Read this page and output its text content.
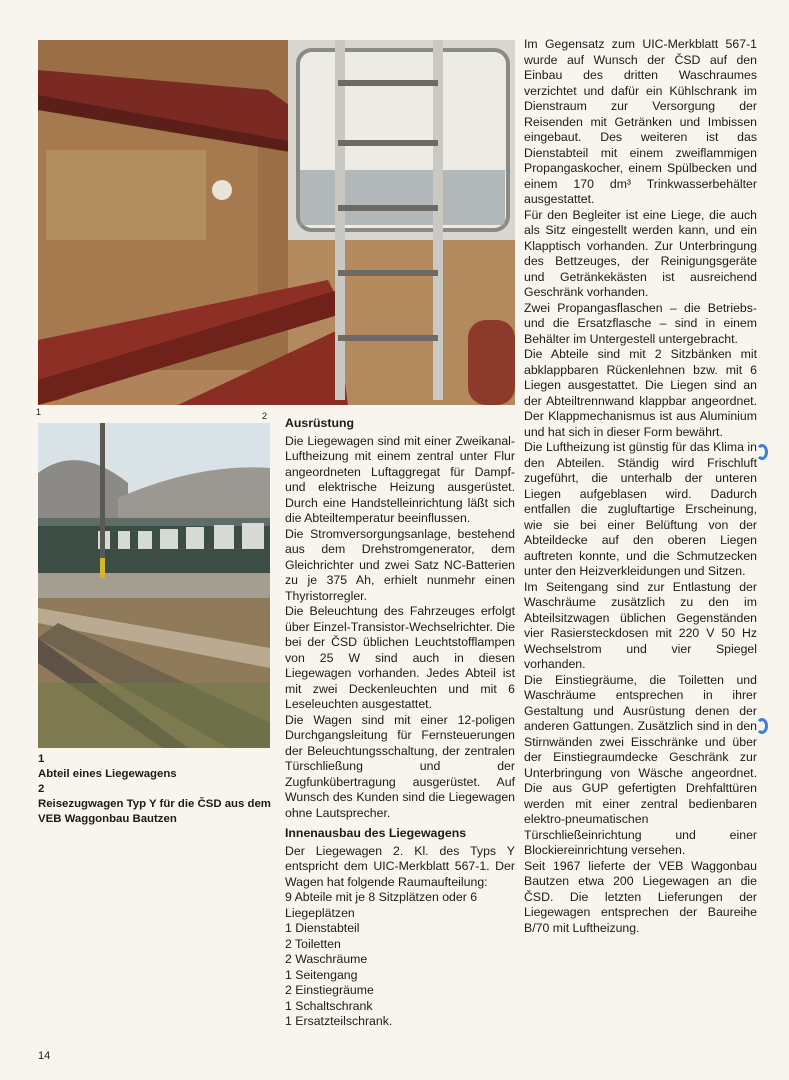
1	2
1
Abteil eines Liegewagens
2
Reisezugwagen Typ Y für die ČSD aus dem VEB Waggonbau Bautzen
Ausrüstung

Die Liegewagen sind mit einer Zweikanal-Luftheizung mit einem zentral unter Flur angeordneten Luftaggregat für Dampf- und elektrische Heizung ausgerüstet. Durch eine Handstelleinrichtung läßt sich die Abteiltemperatur beeinflussen.

Die Stromversorgungsanlage, bestehend aus dem Drehstromgenerator, dem Gleichrichter und zwei Satz NC-Batterien zu je 375 Ah, erhielt nunmehr einen Thyristorregler.

Die Beleuchtung des Fahrzeuges erfolgt über Einzel-Transistor-Wechselrichter. Die bei der ČSD üblichen Leuchtstofflampen von 25 W sind auch in diesen Liegewagen vorhanden. Jedes Abteil ist mit zwei Deckenleuchten und mit 6 Leseleuchten ausgestattet.

Die Wagen sind mit einer 12-poligen Durchgangsleitung für Fernsteuerungen der Beleuchtungsschaltung, der zentralen Türschließung und der Zugfunkübertragung ausgerüstet. Auf Wunsch des Kunden sind die Liegewagen ohne Lautsprecher.

Innenausbau des Liegewagens

Der Liegewagen 2. Kl. des Typs Y entspricht dem UIC-Merkblatt 567-1. Der Wagen hat folgende Raumaufteilung:

9 Abteile mit je 8 Sitzplätzen oder 6 Liegeplätzen
1 Dienstabteil
2 Toiletten
2 Waschräume
1 Seitengang
2 Einstiegräume
1 Schaltschrank
1 Ersatzteilschrank.

Im Gegensatz zum UIC-Merkblatt 567-1 wurde auf Wunsch der ČSD auf den Einbau des dritten Waschraumes verzichtet und dafür ein Kühlschrank im Dienstraum zur Versorgung der Reisenden mit Getränken und Imbissen eingebaut. Des weiteren ist das Dienstabteil mit einem zweiflammigen Propangaskocher, einem Spülbecken und einem 170 dm³ Trinkwasserbehälter ausgestattet.

Für den Begleiter ist eine Liege, die auch als Sitz eingestellt werden kann, und ein Klapptisch vorhanden. Zur Unterbringung des Bettzeuges, der Reinigungsgeräte und Getränkekästen ist ausreichend Geschränk vorhanden.

Zwei Propangasflaschen – die Betriebs- und die Ersatzflasche – sind in einem Behälter im Untergestell untergebracht.

Die Abteile sind mit 2 Sitzbänken mit abklappbaren Rückenlehnen bzw. mit 6 Liegen ausgestattet. Die Liegen sind an der Abteiltrennwand klappbar angeordnet. Der Klappmechanismus ist aus Aluminium und hat sich in dieser Form bewährt.

Die Luftheizung ist günstig für das Klima in den Abteilen. Ständig wird Frischluft zugeführt, die unterhalb der unteren Liegen aufgeblasen wird. Dadurch entfallen die zugluftartige Erscheinung, wie sie bei einer Belüftung von der Abteildecke auf den oberen Liegen auftreten konnte, und die Schmutzecken unter den Heizverkleidungen und Sitzen.

Im Seitengang sind zur Entlastung der Waschräume zusätzlich zu den im Abteilsitzwagen üblichen Gegenständen vier Rasiersteckdosen mit 220 V 50 Hz Wechselstrom und vier Spiegel vorhanden.

Die Einstiegräume, die Toiletten und Waschräume entsprechen in ihrer Gestaltung und Ausrüstung denen der anderen Gattungen. Zusätzlich sind in den Stirnwänden zwei Eisschränke und über der Einstiegraumdecke Geschränk zur Unterbringung von Wäsche angeordnet. Die aus GUP gefertigten Drehfalttüren werden mit einer zentral bedienbaren elektro-pneumatischen Türschließeinrichtung und einer Blockiereinrichtung versehen.

Seit 1967 lieferte der VEB Waggonbau Bautzen etwa 200 Liegewagen an die ČSD. Die letzten Lieferungen der Liegewagen entsprechen der Baureihe B/70 mit Luftheizung.

14
